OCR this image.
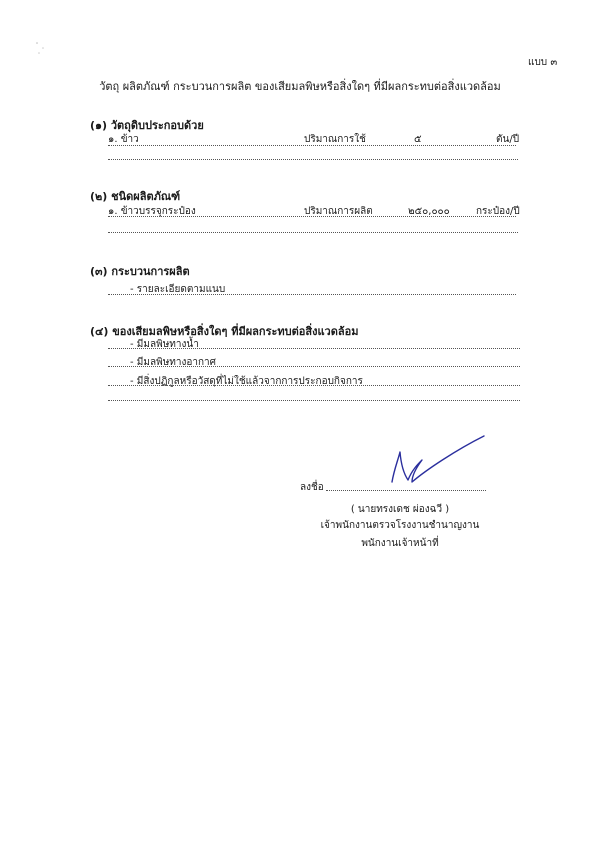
แบบ ๓
วัตถุ ผลิตภัณฑ์ กระบวนการผลิต ของเสียมลพิษหรือสิ่งใดๆ ที่มีผลกระทบต่อสิ่งแวดล้อม
(๑) วัตถุดิบประกอบด้วย
๑. ข้าว	ปริมาณการใช้	๕	ตัน/ปี
(๒) ชนิดผลิตภัณฑ์
๑. ข้าวบรรจุกระป๋อง	ปริมาณการผลิต	๒๕๐,๐๐๐	กระป๋อง/ปี
(๓) กระบวนการผลิต
- รายละเอียดตามแนบ
(๔) ของเสียมลพิษหรือสิ่งใดๆ ที่มีผลกระทบต่อสิ่งแวดล้อม
- มีมลพิษทางน้ำ
- มีมลพิษทางอากาศ
- มีสิ่งปฏิกูลหรือวัสดุที่ไม่ใช้แล้วจากการประกอบกิจการ
ลงชื่อ
( นายทรงเดช ผ่องฉวี )
เจ้าพนักงานตรวจโรงงานชำนาญงาน
พนักงานเจ้าหน้าที่
